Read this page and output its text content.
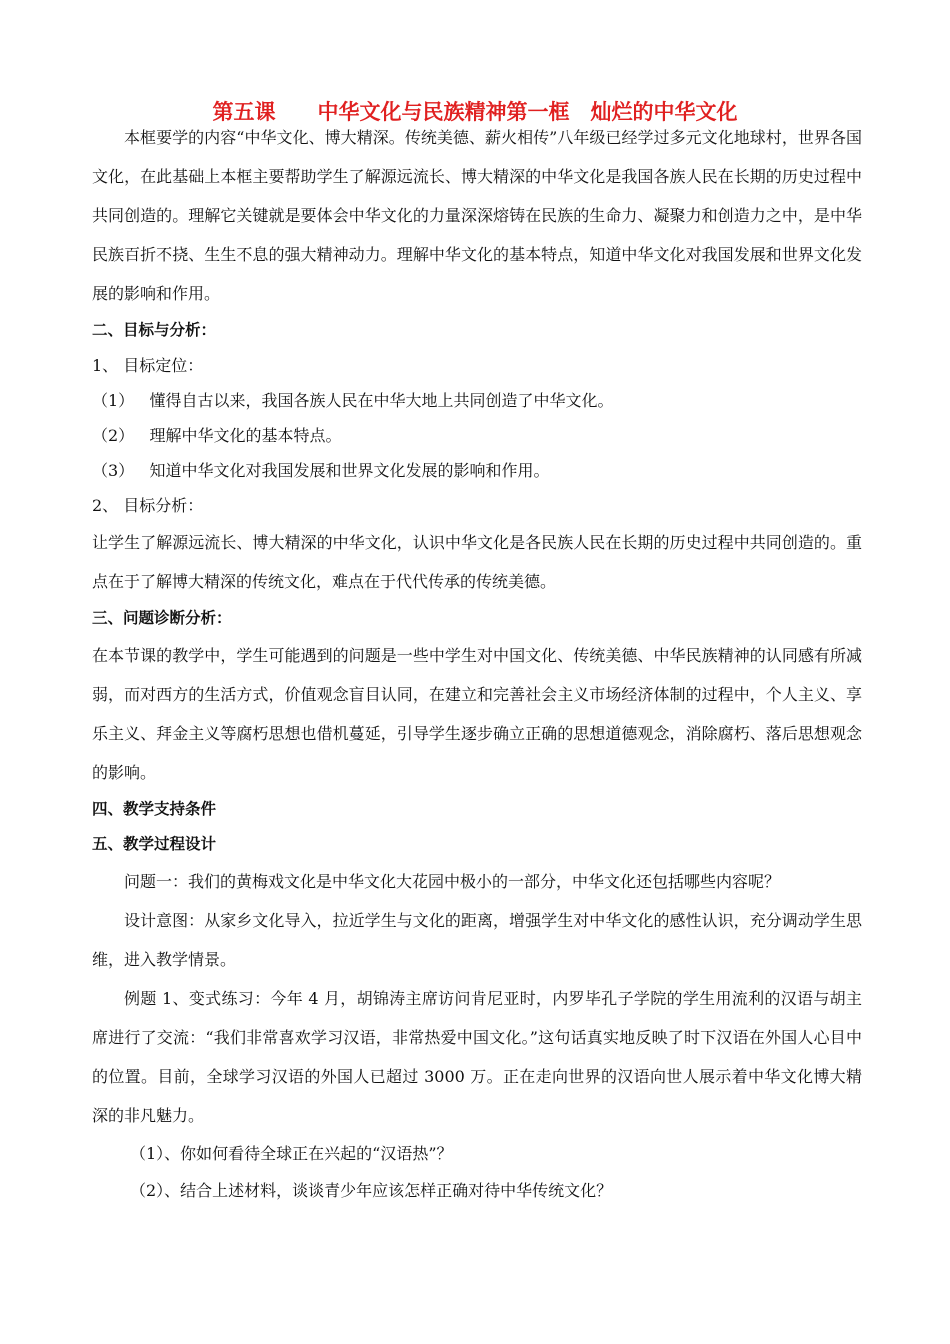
第五课　　中华文化与民族精神第一框　灿烂的中华文化

本框要学的内容“中华文化、博大精深。传统美德、薪火相传”八年级已经学过多元文化地球村，世界各国文化，在此基础上本框主要帮助学生了解源远流长、博大精深的中华文化是我国各族人民在长期的历史过程中共同创造的。理解它关键就是要体会中华文化的力量深深熔铸在民族的生命力、凝聚力和创造力之中，是中华民族百折不挠、生生不息的强大精神动力。理解中华文化的基本特点，知道中华文化对我国发展和世界文化发展的影响和作用。

二、目标与分析：

1、 目标定位：

（1） 懂得自古以来，我国各族人民在中华大地上共同创造了中华文化。

（2） 理解中华文化的基本特点。

（3） 知道中华文化对我国发展和世界文化发展的影响和作用。

2、 目标分析：

让学生了解源远流长、博大精深的中华文化，认识中华文化是各民族人民在长期的历史过程中共同创造的。重点在于了解博大精深的传统文化，难点在于代代传承的传统美德。

三、问题诊断分析：

在本节课的教学中，学生可能遇到的问题是一些中学生对中国文化、传统美德、中华民族精神的认同感有所减弱，而对西方的生活方式，价值观念盲目认同，在建立和完善社会主义市场经济体制的过程中，个人主义、享乐主义、拜金主义等腐朽思想也借机蔓延，引导学生逐步确立正确的思想道德观念，消除腐朽、落后思想观念的影响。

四、教学支持条件

五、教学过程设计

问题一：我们的黄梅戏文化是中华文化大花园中极小的一部分，中华文化还包括哪些内容呢？

设计意图：从家乡文化导入，拉近学生与文化的距离，增强学生对中华文化的感性认识，充分调动学生思维，进入教学情景。

例题 1、变式练习：今年 4 月，胡锦涛主席访问肯尼亚时，内罗毕孔子学院的学生用流利的汉语与胡主席进行了交流：“我们非常喜欢学习汉语，非常热爱中国文化。”这句话真实地反映了时下汉语在外国人心目中的位置。目前，全球学习汉语的外国人已超过 3000 万。正在走向世界的汉语向世人展示着中华文化博大精深的非凡魅力。

（1）、你如何看待全球正在兴起的“汉语热”？

（2）、结合上述材料，谈谈青少年应该怎样正确对待中华传统文化？
